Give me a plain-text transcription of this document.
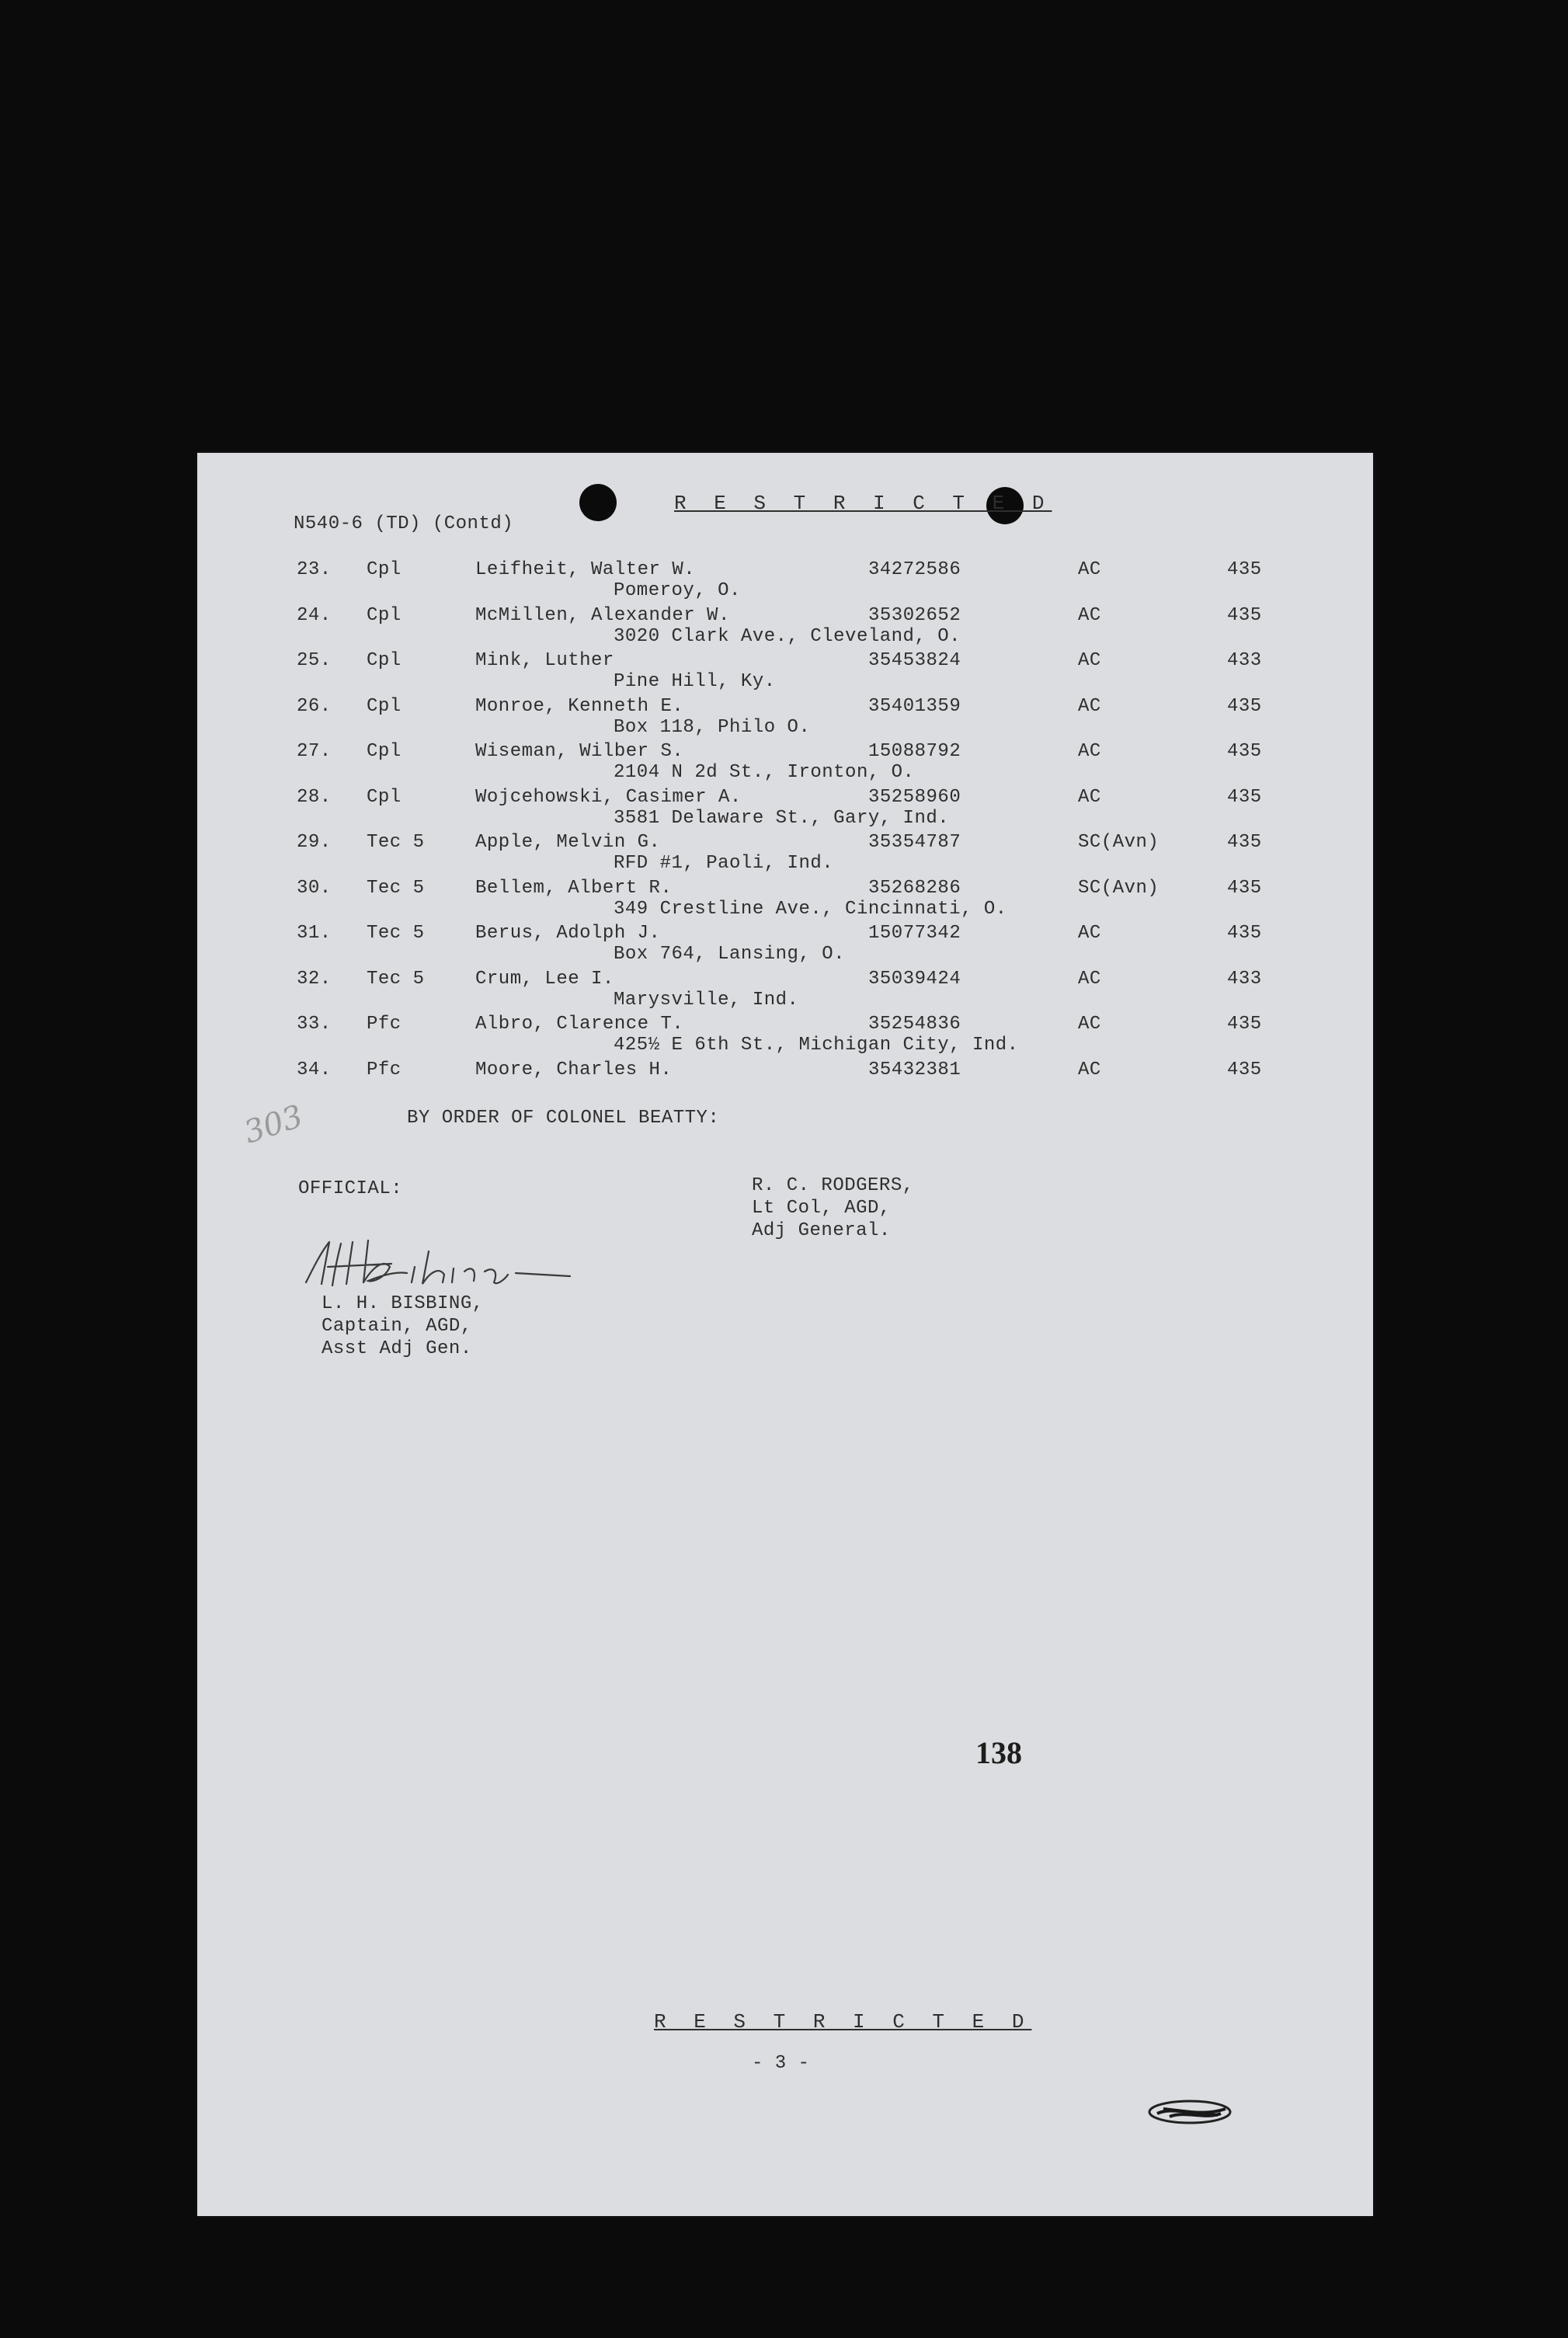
N540-6 (TD) (Contd)
R E S T R I C T E D
23. Cpl	Leifheit, Walter W.	34272586	AC	435
Pomeroy, O.
24. Cpl	McMillen, Alexander W.	35302652	AC	435
3020 Clark Ave., Cleveland, O.
25. Cpl	Mink, Luther	35453824	AC	433
Pine Hill, Ky.
26. Cpl	Monroe, Kenneth E.	35401359	AC	435
Box 118, Philo O.
27. Cpl	Wiseman, Wilber S.	15088792	AC	435
2104 N 2d St., Ironton, O.
28. Cpl	Wojcehowski, Casimer A.	35258960	AC	435
3581 Delaware St., Gary, Ind.
29. Tec 5	Apple, Melvin G.	35354787	SC(Avn)	435
RFD #1, Paoli, Ind.
30. Tec 5	Bellem, Albert R.	35268286	SC(Avn)	435
349 Crestline Ave., Cincinnati, O.
31. Tec 5	Berus, Adolph J.	15077342	AC	435
Box 764, Lansing, O.
32. Tec 5	Crum, Lee I.	35039424	AC	433
Marysville, Ind.
33. Pfc	Albro, Clarence T.	35254836	AC	435
425½ E 6th St., Michigan City, Ind.
34. Pfc	Moore, Charles H.	35432381	AC	435
303	BY ORDER OF COLONEL BEATTY:
OFFICIAL:	R. C. RODGERS,
Lt Col, AGD,
Adj General.
L. H. BISBING,
Captain, AGD,
Asst Adj Gen.
138
R E S T R I C T E D
- 3 -
